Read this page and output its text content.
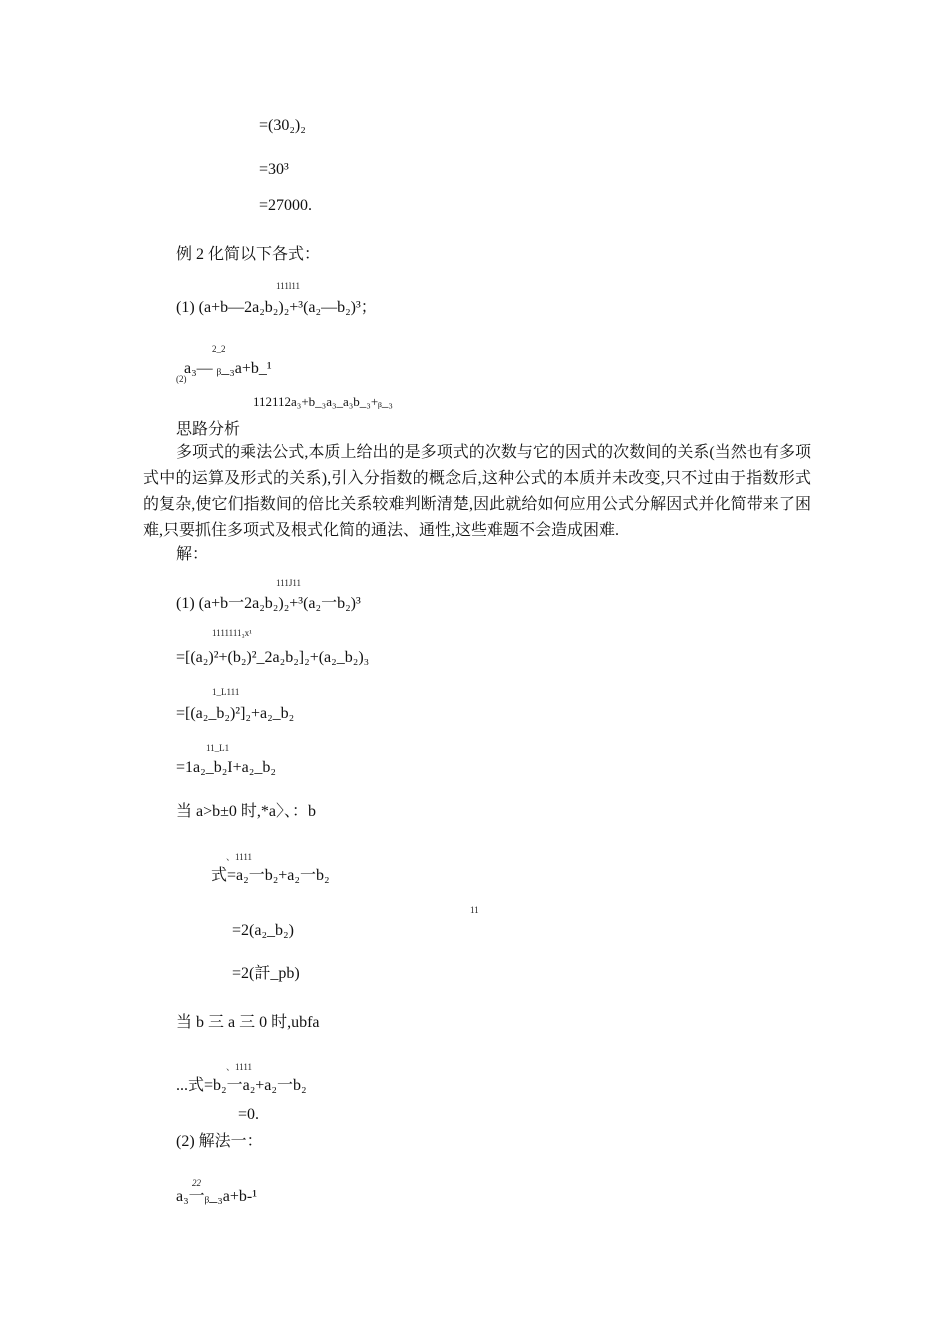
=(30₂)₂
=30³
=27000.
例 2 化简以下各式：
111l11
(1) (a+b—2a₂b₂)₂+³(a₂—b₂)³；
2_2
a₃— ᵦ_₃a+b_¹
(2)
112112a₃+b_₃a₃_a₃b_₃+ᵦ_₃
思路分析
多项式的乘法公式,本质上给出的是多项式的次数与它的因式的次数间的关系(当然也有多项式中的运算及形式的关系),引入分指数的概念后,这种公式的本质并未改变,只不过由于指数形式的复杂,使它们指数间的倍比关系较难判断清楚,因此就给如何应用公式分解因式并化简带来了困难,只要抓住多项式及根式化简的通法、通性,这些难题不会造成困难.
解：
111J11
(1) (a+b一2a₂b₂)₂+³(a₂一b₂)³
1111111₃x¹
=[(a₂)²+(b₂)²_2a₂b₂]₂+(a₂_b₂)₃
1_L111
=[(a₂_b₂)²]₂+a₂_b₂
11_L1
=1a₂_b₂I+a₂_b₂
当 a>b±0 时,*a〉、：b
、1111
式=a₂一b₂+a₂一b₂
11
=2(a₂_b₂)
=2(訐_pb)
当 b 三 a 三 0 时,ubfa
、1111
...式=b₂一a₂+a₂一b₂
=0.
(2) 解法一：
22
a₃一ᵦ_₃a+b-¹
